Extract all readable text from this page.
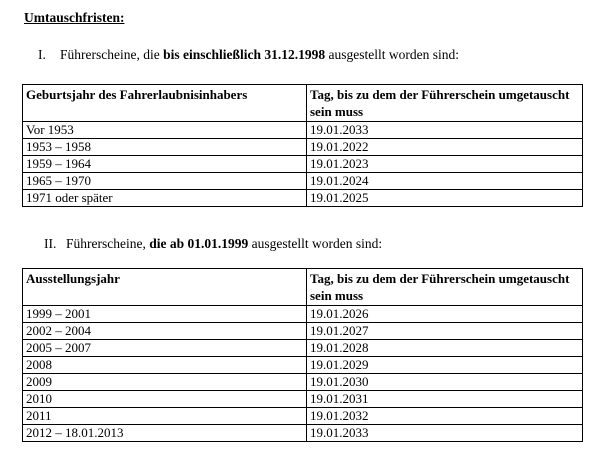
Umtauschfristen:
I. Führerscheine, die bis einschließlich 31.12.1998 ausgestellt worden sind:
Geburtsjahr des Fahrerlaubnisinhabers	Tag, bis zu dem der Führerschein umgetauscht sein muss
Vor 1953	19.01.2033
1953 – 1958	19.01.2022
1959 – 1964	19.01.2023
1965 – 1970	19.01.2024
1971 oder später	19.01.2025
II. Führerscheine, die ab 01.01.1999 ausgestellt worden sind:
Ausstellungsjahr	Tag, bis zu dem der Führerschein umgetauscht sein muss
1999 – 2001	19.01.2026
2002 – 2004	19.01.2027
2005 – 2007	19.01.2028
2008	19.01.2029
2009	19.01.2030
2010	19.01.2031
2011	19.01.2032
2012 – 18.01.2013	19.01.2033
